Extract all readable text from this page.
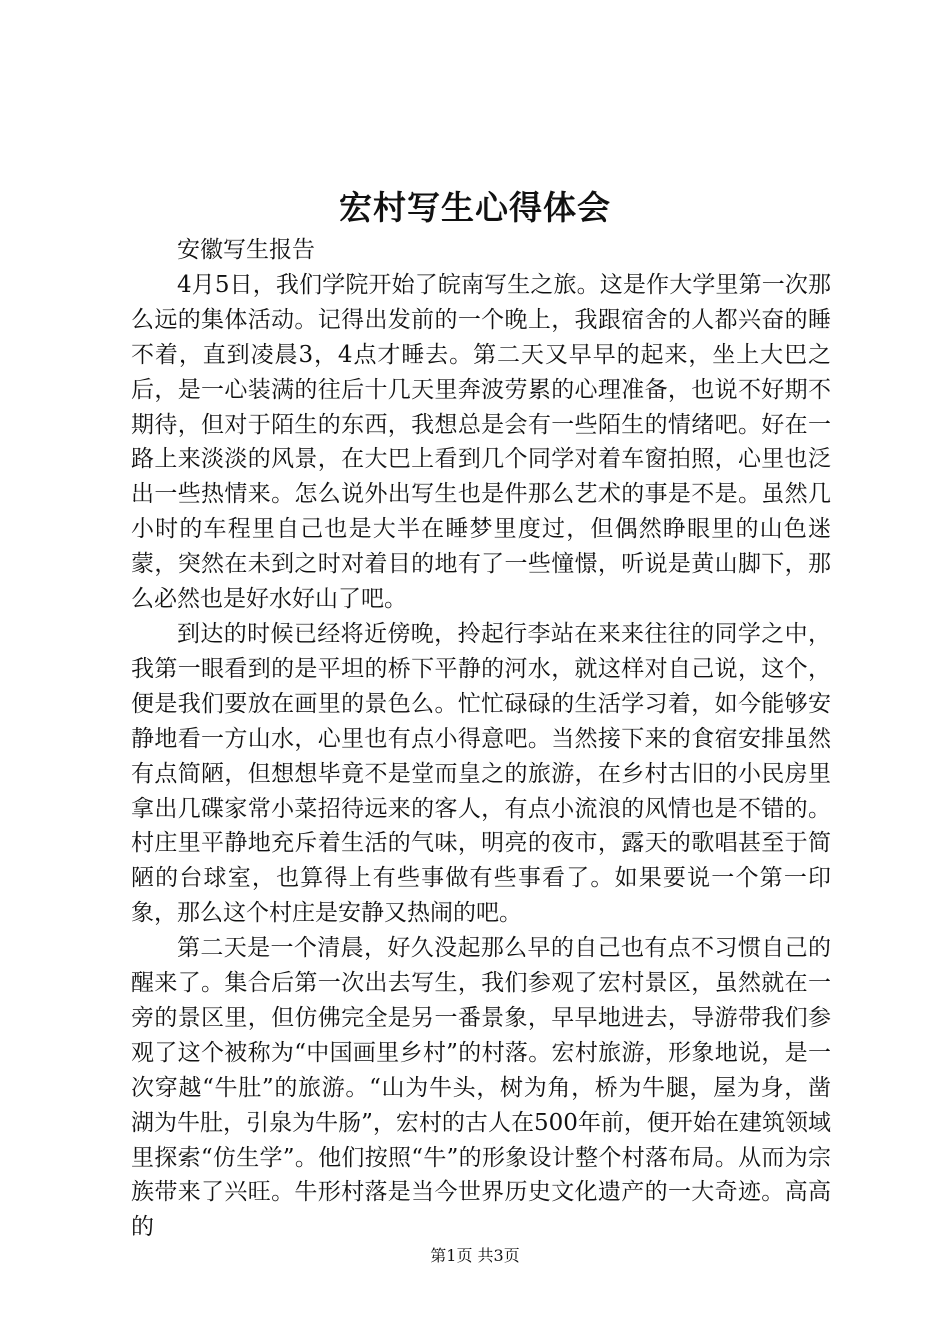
宏村写生心得体会

安徽写生报告

4月5日，我们学院开始了皖南写生之旅。这是作大学里第一次那么远的集体活动。记得出发前的一个晚上，我跟宿舍的人都兴奋的睡不着，直到凌晨3，4点才睡去。第二天又早早的起来，坐上大巴之后，是一心装满的往后十几天里奔波劳累的心理准备，也说不好期不期待，但对于陌生的东西，我想总是会有一些陌生的情绪吧。好在一路上来淡淡的风景，在大巴上看到几个同学对着车窗拍照，心里也泛出一些热情来。怎么说外出写生也是件那么艺术的事是不是。虽然几小时的车程里自己也是大半在睡梦里度过，但偶然睁眼里的山色迷蒙，突然在未到之时对着目的地有了一些憧憬，听说是黄山脚下，那么必然也是好水好山了吧。

到达的时候已经将近傍晚，拎起行李站在来来往往的同学之中，我第一眼看到的是平坦的桥下平静的河水，就这样对自己说，这个，便是我们要放在画里的景色么。忙忙碌碌的生活学习着，如今能够安静地看一方山水，心里也有点小得意吧。当然接下来的食宿安排虽然有点简陋，但想想毕竟不是堂而皇之的旅游，在乡村古旧的小民房里拿出几碟家常小菜招待远来的客人，有点小流浪的风情也是不错的。村庄里平静地充斥着生活的气味，明亮的夜市，露天的歌唱甚至于简陋的台球室，也算得上有些事做有些事看了。如果要说一个第一印象，那么这个村庄是安静又热闹的吧。

第二天是一个清晨，好久没起那么早的自己也有点不习惯自己的醒来了。集合后第一次出去写生，我们参观了宏村景区，虽然就在一旁的景区里，但仿佛完全是另一番景象，早早地进去，导游带我们参观了这个被称为“中国画里乡村”的村落。宏村旅游，形象地说，是一次穿越“牛肚”的旅游。“山为牛头，树为角，桥为牛腿，屋为身，凿湖为牛肚，引泉为牛肠”，宏村的古人在500年前，便开始在建筑领域里探索“仿生学”。他们按照“牛”的形象设计整个村落布局。从而为宗族带来了兴旺。牛形村落是当今世界历史文化遗产的一大奇迹。高高的

第1页 共3页
